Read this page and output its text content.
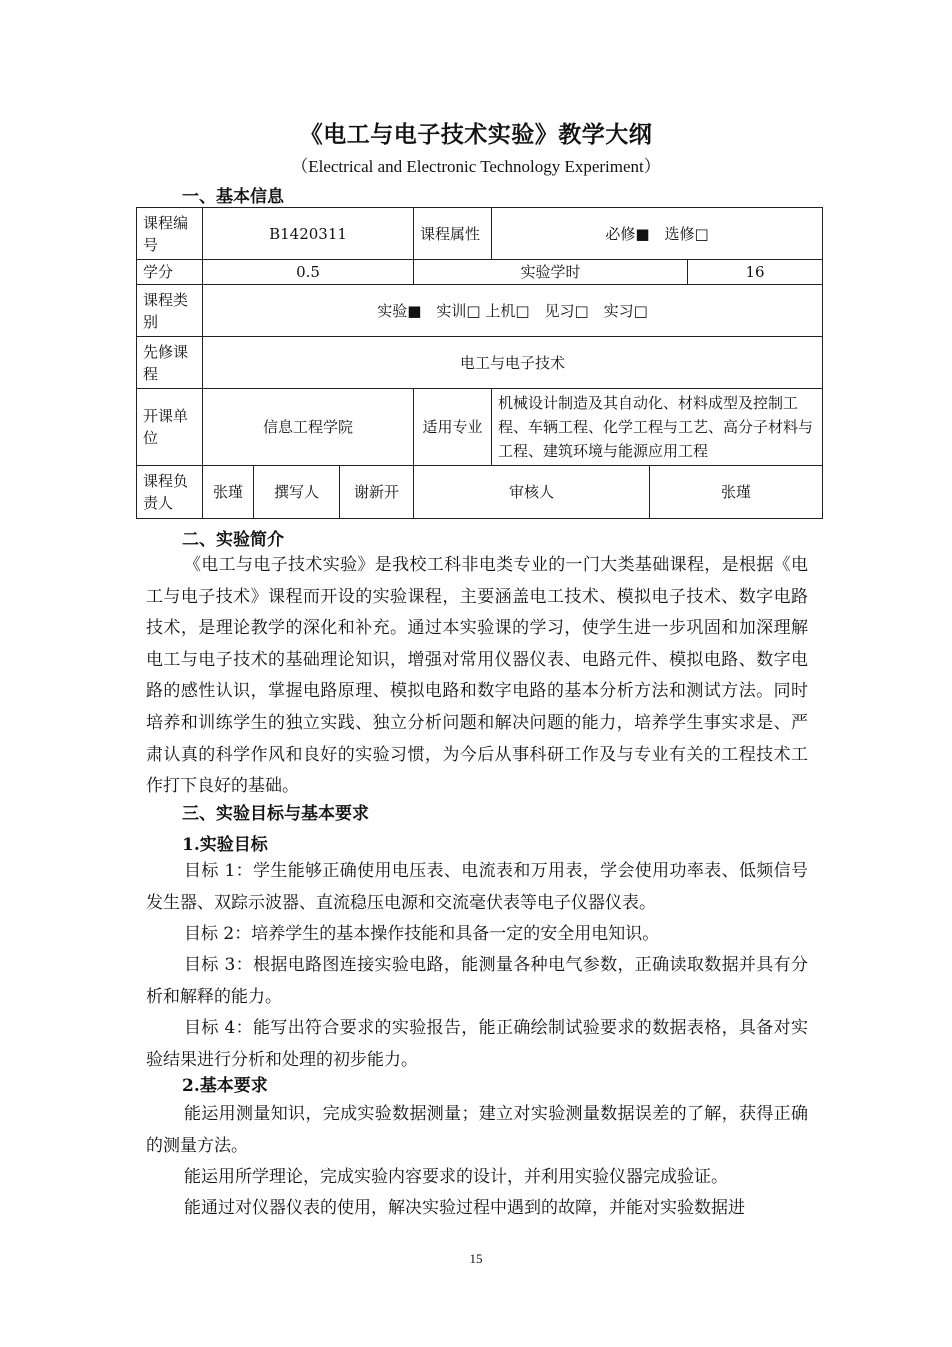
《电工与电子技术实验》教学大纲
（Electrical and Electronic Technology Experiment）
一、基本信息
课程编号	B1420311			课程属性	必修■　选修□		
学分	0.5			实验学时			16
课程类别	实验■　实训□ 上机□　见习□　实习□						
先修课程	电工与电子技术						
开课单位	信息工程学院			适用专业	机械设计制造及其自动化、材料成型及控制工程、车辆工程、化学工程与工艺、高分子材料与工程、建筑环境与能源应用工程		
课程负责人	张瑾	撰写人	谢新开	审核人		张瑾	
二、实验简介

《电工与电子技术实验》是我校工科非电类专业的一门大类基础课程，是根据《电工与电子技术》课程而开设的实验课程，主要涵盖电工技术、模拟电子技术、数字电路技术，是理论教学的深化和补充。通过本实验课的学习，使学生进一步巩固和加深理解电工与电子技术的基础理论知识，增强对常用仪器仪表、电路元件、模拟电路、数字电路的感性认识，掌握电路原理、模拟电路和数字电路的基本分析方法和测试方法。同时培养和训练学生的独立实践、独立分析问题和解决问题的能力，培养学生事实求是、严肃认真的科学作风和良好的实验习惯，为今后从事科研工作及与专业有关的工程技术工作打下良好的基础。

三、实验目标与基本要求
1.实验目标

目标 1：学生能够正确使用电压表、电流表和万用表，学会使用功率表、低频信号发生器、双踪示波器、直流稳压电源和交流毫伏表等电子仪器仪表。

目标 2：培养学生的基本操作技能和具备一定的安全用电知识。

目标 3：根据电路图连接实验电路，能测量各种电气参数，正确读取数据并具有分析和解释的能力。

目标 4：能写出符合要求的实验报告，能正确绘制试验要求的数据表格，具备对实验结果进行分析和处理的初步能力。

2.基本要求

能运用测量知识，完成实验数据测量；建立对实验测量数据误差的了解，获得正确的测量方法。

能运用所学理论，完成实验内容要求的设计，并利用实验仪器完成验证。

能通过对仪器仪表的使用，解决实验过程中遇到的故障，并能对实验数据进

15
